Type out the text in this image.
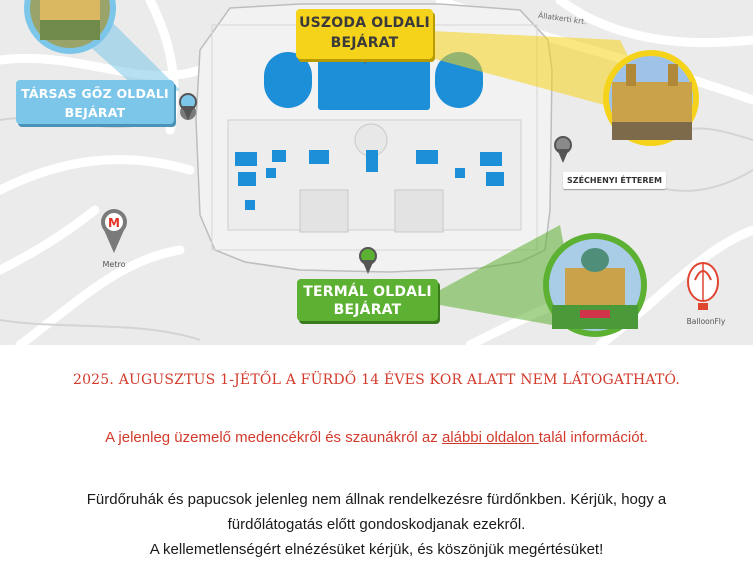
M
Állatkerti krt.
USZODA OLDALI
BEJÁRAT
TÁRSAS GŐZ OLDALI
BEJÁRAT
TERMÁL OLDALI
BEJÁRAT
SZÉCHENYI ÉTTEREM
Metro
BalloonFly
2025. AUGUSZTUS 1-JÉTŐL A FÜRDŐ 14 ÉVES KOR ALATT NEM LÁTOGATHATÓ.
A jelenleg üzemelő medencékről és szaunákról az alábbi oldalon talál információt.
Fürdőruhák és papucsok jelenleg nem állnak rendelkezésre fürdőnkben. Kérjük, hogy a
fürdőlátogatás előtt gondoskodjanak ezekről.
A kellemetlenségért elnézésüket kérjük, és köszönjük megértésüket!
